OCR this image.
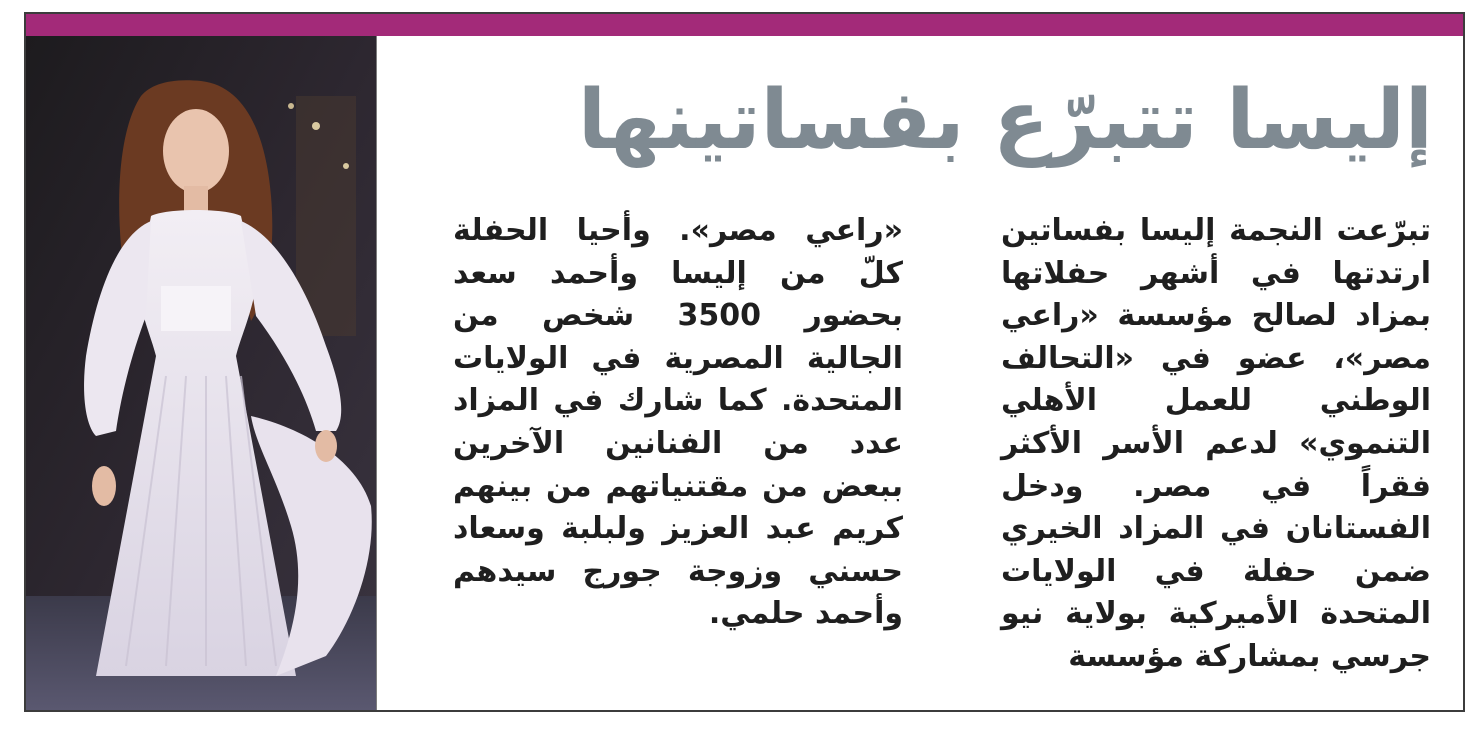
إليسا تتبرّع بفساتينها
تبرّعت النجمة إليسا بفساتين ارتدتها في أشهر حفلاتها بمزاد لصالح مؤسسة «راعي مصر»، عضو في «التحالف الوطني للعمل الأهلي التنموي» لدعم الأسر الأكثر فقراً في مصر. ودخل الفستانان في المزاد الخيري ضمن حفلة في الولايات المتحدة الأميركية بولاية نيو جرسي بمشاركة مؤسسة
«راعي مصر». وأحيا الحفلة كلّ من إليسا وأحمد سعد بحضور 3500 شخص من الجالية المصرية في الولايات المتحدة. كما شارك في المزاد عدد من الفنانين الآخرين ببعض من مقتنياتهم من بينهم كريم عبد العزيز ولبلبة وسعاد حسني وزوجة جورج سيدهم وأحمد حلمي.
